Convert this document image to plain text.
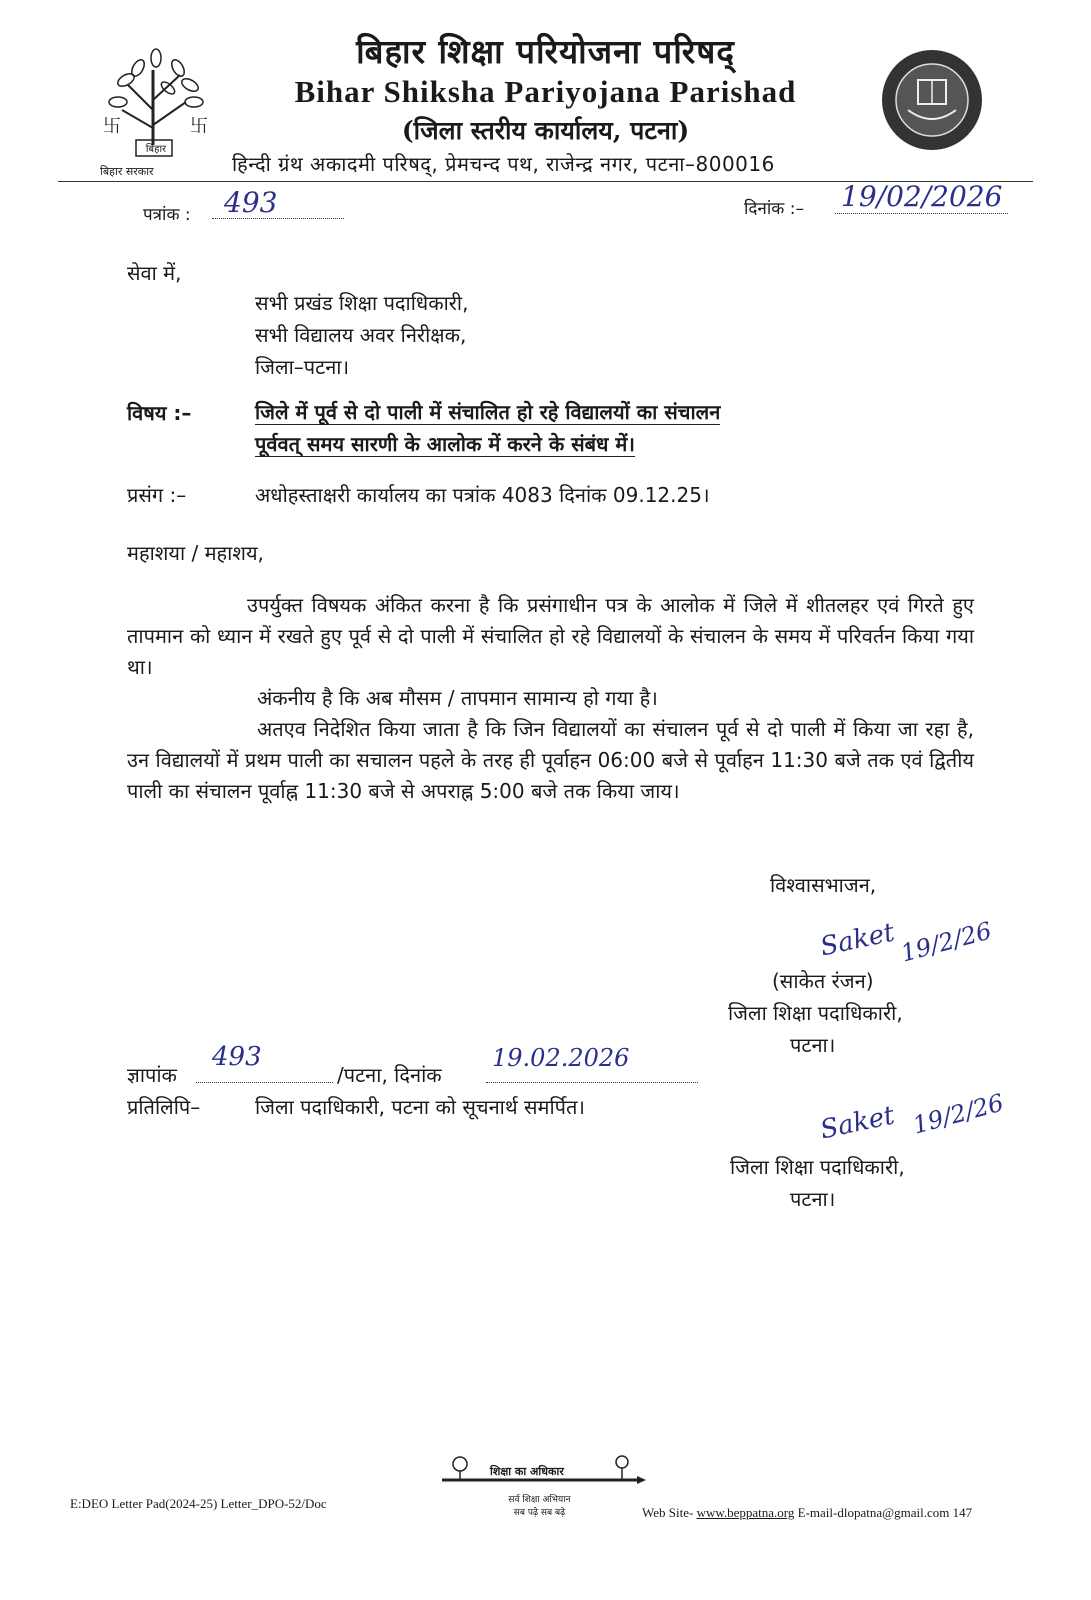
卐	卐
बिहार
बिहार सरकार
बिहार शिक्षा परियोजना परिषद्
Bihar Shiksha Pariyojana Parishad
(जिला स्तरीय कार्यालय, पटना)
हिन्दी ग्रंथ अकादमी परिषद्, प्रेमचन्द पथ, राजेन्द्र नगर, पटना–800016
पत्रांक : 493	दिनांक :– 19/02/2026
सेवा में,
सभी प्रखंड शिक्षा पदाधिकारी,
सभी विद्यालय अवर निरीक्षक,
जिला–पटना।
विषय :–	जिले में पूर्व से दो पाली में संचालित हो रहे विद्यालयों का संचालन
पूर्ववत् समय सारणी के आलोक में करने के संबंध में।
प्रसंग :–	अधोहस्ताक्षरी कार्यालय का पत्रांक 4083 दिनांक 09.12.25।
महाशया / महाशय,
उपर्युक्त विषयक अंकित करना है कि प्रसंगाधीन पत्र के आलोक में जिले में शीतलहर एवं गिरते हुए तापमान को ध्यान में रखते हुए पूर्व से दो पाली में संचालित हो रहे विद्यालयों के संचालन के समय में परिवर्तन किया गया था।
अंकनीय है कि अब मौसम / तापमान सामान्य हो गया है।
अतएव निदेशित किया जाता है कि जिन विद्यालयों का संचालन पूर्व से दो पाली में किया जा रहा है, उन विद्यालयों में प्रथम पाली का सचालन पहले के तरह ही पूर्वाहन 06:00 बजे से पूर्वाहन 11:30 बजे तक एवं द्वितीय पाली का संचालन पूर्वाह्न 11:30 बजे से अपराह्न 5:00 बजे तक किया जाय।
विश्वासभाजन,
Saket 19/2/26
(साकेत रंजन)
जिला शिक्षा पदाधिकारी,
पटना।
ज्ञापांक
493
/पटना, दिनांक
19.02.2026
प्रतिलिपि–	जिला पदाधिकारी, पटना को सूचनार्थ समर्पित।	Saket 19/2/26
जिला शिक्षा पदाधिकारी,
पटना।
शिक्षा का अधिकार
सर्व शिक्षा अभियान
सब पढ़े सब बढ़े
E:DEO Letter Pad(2024-25) Letter_DPO-52/Doc
Web Site- www.beppatna.org E-mail-dlopatna@gmail.com 147
